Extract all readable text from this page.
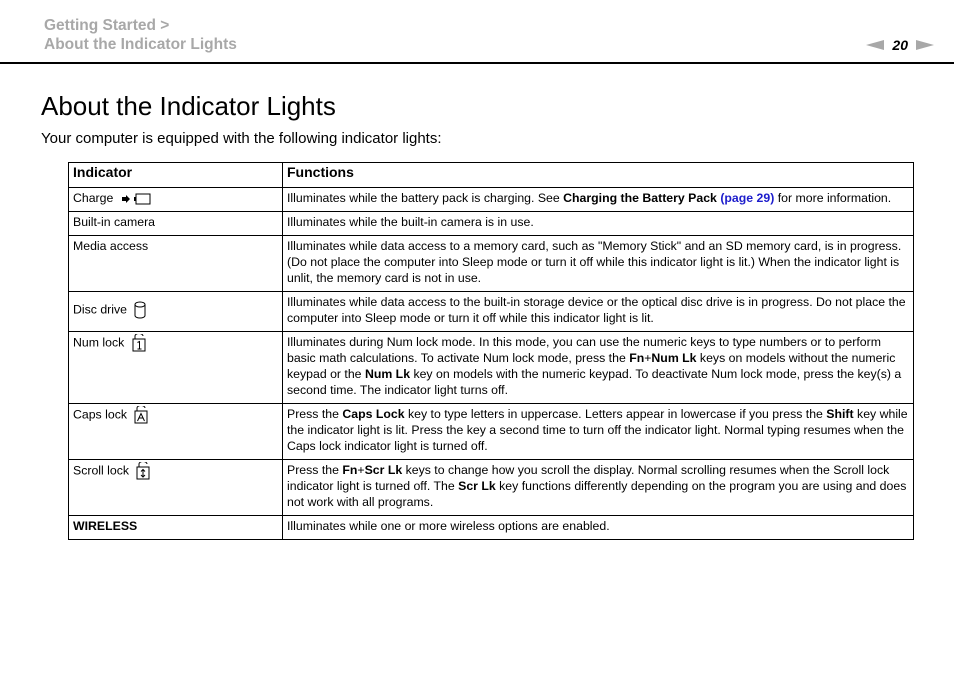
Getting Started >
About the Indicator Lights	20
About the Indicator Lights

Your computer is equipped with the following indicator lights:

Indicator	Functions
Charge	Illuminates while the battery pack is charging. See Charging the Battery Pack (page 29) for more information.
Built-in camera	Illuminates while the built-in camera is in use.
Media access	Illuminates while data access to a memory card, such as "Memory Stick" and an SD memory card, is in progress. (Do not place the computer into Sleep mode or turn it off while this indicator light is lit.) When the indicator light is unlit, the memory card is not in use.
Disc drive	Illuminates while data access to the built-in storage device or the optical disc drive is in progress. Do not place the computer into Sleep mode or turn it off while this indicator light is lit.
Num lock	Illuminates during Num lock mode. In this mode, you can use the numeric keys to type numbers or to perform basic math calculations. To activate Num lock mode, press the Fn+Num Lk keys on models without the numeric keypad or the Num Lk key on models with the numeric keypad. To deactivate Num lock mode, press the key(s) a second time. The indicator light turns off.
Caps lock	Press the Caps Lock key to type letters in uppercase. Letters appear in lowercase if you press the Shift key while the indicator light is lit. Press the key a second time to turn off the indicator light. Normal typing resumes when the Caps lock indicator light is turned off.
Scroll lock	Press the Fn+Scr Lk keys to change how you scroll the display. Normal scrolling resumes when the Scroll lock indicator light is turned off. The Scr Lk key functions differently depending on the program you are using and does not work with all programs.
WIRELESS	Illuminates while one or more wireless options are enabled.
